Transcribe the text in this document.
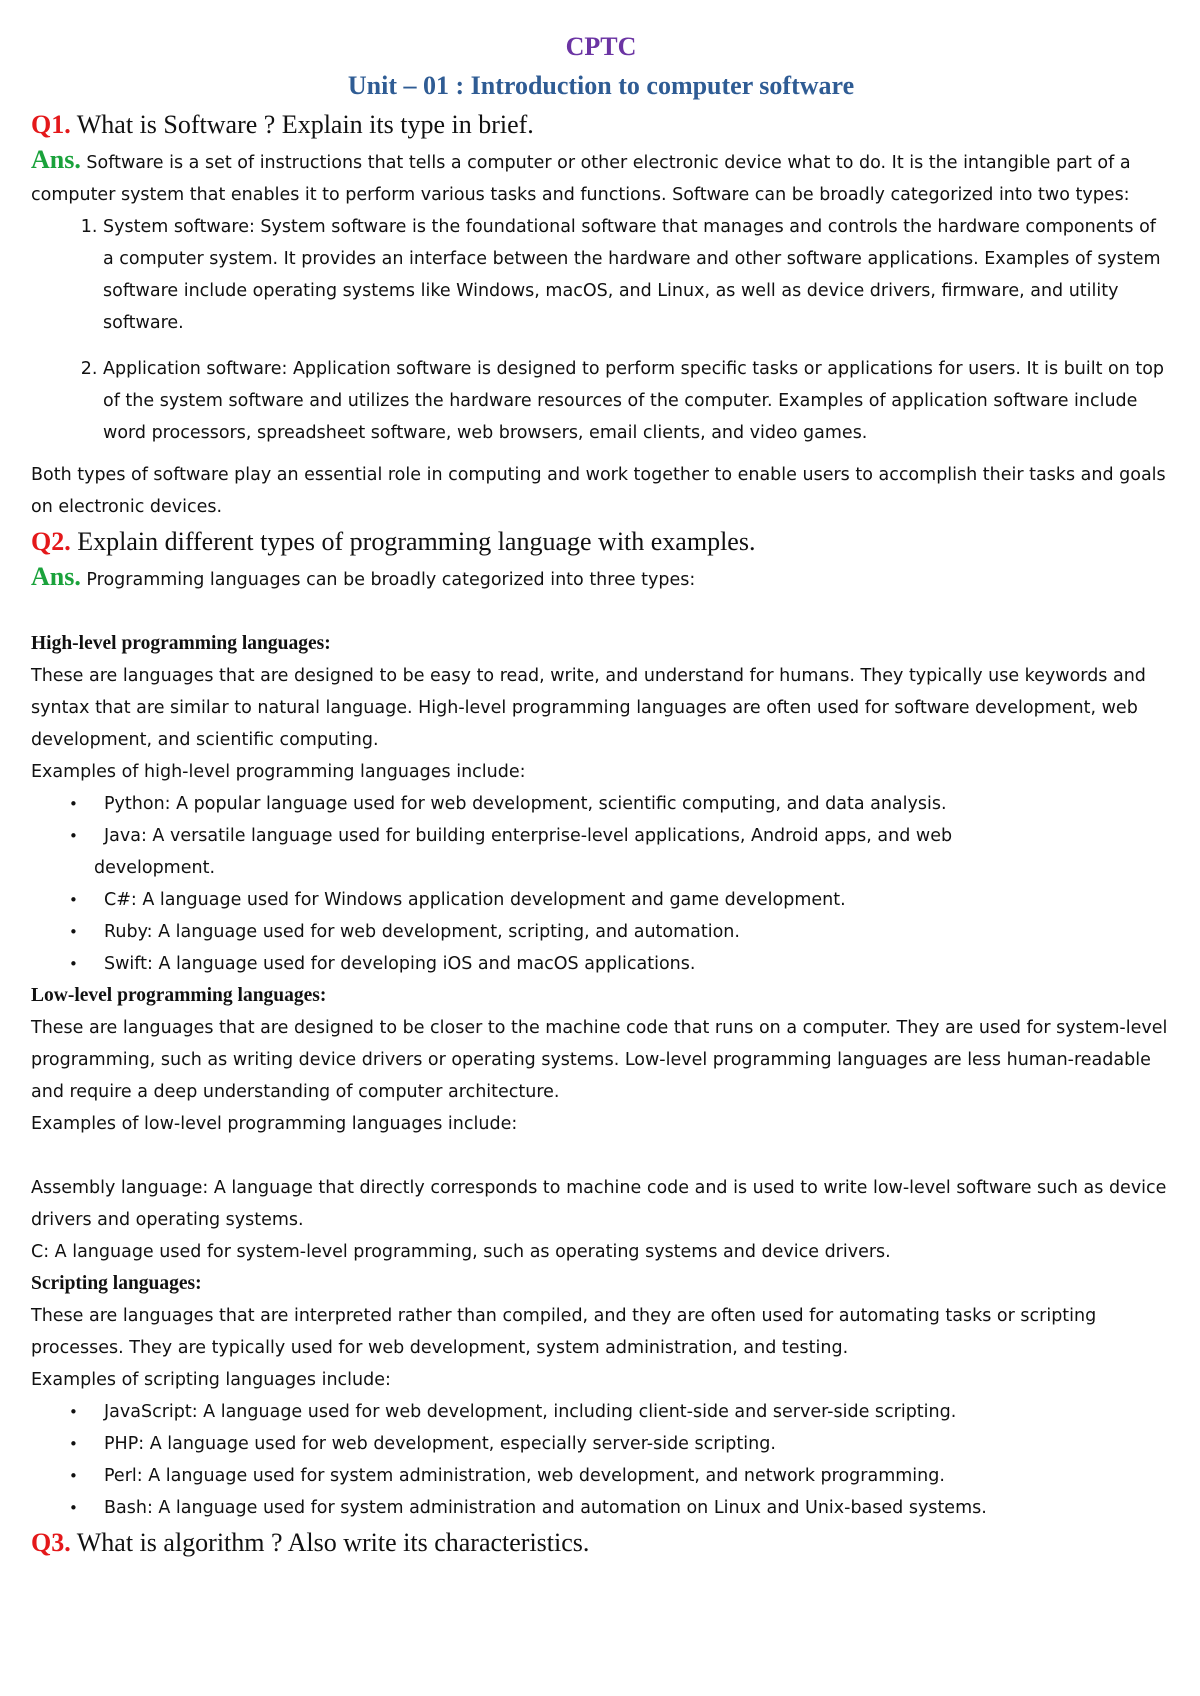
CPTC
Unit – 01 : Introduction to computer software

Q1. What is Software ? Explain its type in brief.

Ans. Software is a set of instructions that tells a computer or other electronic device what to do. It is the intangible part of a computer system that enables it to perform various tasks and functions. Software can be broadly categorized into two types:

1. System software: System software is the foundational software that manages and controls the hardware components of a computer system. It provides an interface between the hardware and other software applications. Examples of system software include operating systems like Windows, macOS, and Linux, as well as device drivers, firmware, and utility software.
2. Application software: Application software is designed to perform specific tasks or applications for users. It is built on top of the system software and utilizes the hardware resources of the computer. Examples of application software include word processors, spreadsheet software, web browsers, email clients, and video games.

Both types of software play an essential role in computing and work together to enable users to accomplish their tasks and goals on electronic devices.

Q2. Explain different types of programming language with examples.

Ans. Programming languages can be broadly categorized into three types:

High-level programming languages:

These are languages that are designed to be easy to read, write, and understand for humans. They typically use keywords and syntax that are similar to natural language. High-level programming languages are often used for software development, web development, and scientific computing.

Examples of high-level programming languages include:

• Python: A popular language used for web development, scientific computing, and data analysis.
• Java: A versatile language used for building enterprise-level applications, Android apps, and web
development.
• C#: A language used for Windows application development and game development.
• Ruby: A language used for web development, scripting, and automation.
• Swift: A language used for developing iOS and macOS applications.

Low-level programming languages:

These are languages that are designed to be closer to the machine code that runs on a computer. They are used for system-level programming, such as writing device drivers or operating systems. Low-level programming languages are less human-readable and require a deep understanding of computer architecture.

Examples of low-level programming languages include:

Assembly language: A language that directly corresponds to machine code and is used to write low-level software such as device drivers and operating systems.

C: A language used for system-level programming, such as operating systems and device drivers.

Scripting languages:

These are languages that are interpreted rather than compiled, and they are often used for automating tasks or scripting processes. They are typically used for web development, system administration, and testing.

Examples of scripting languages include:

• JavaScript: A language used for web development, including client-side and server-side scripting.
• PHP: A language used for web development, especially server-side scripting.
• Perl: A language used for system administration, web development, and network programming.
• Bash: A language used for system administration and automation on Linux and Unix-based systems.

Q3. What is algorithm ? Also write its characteristics.
